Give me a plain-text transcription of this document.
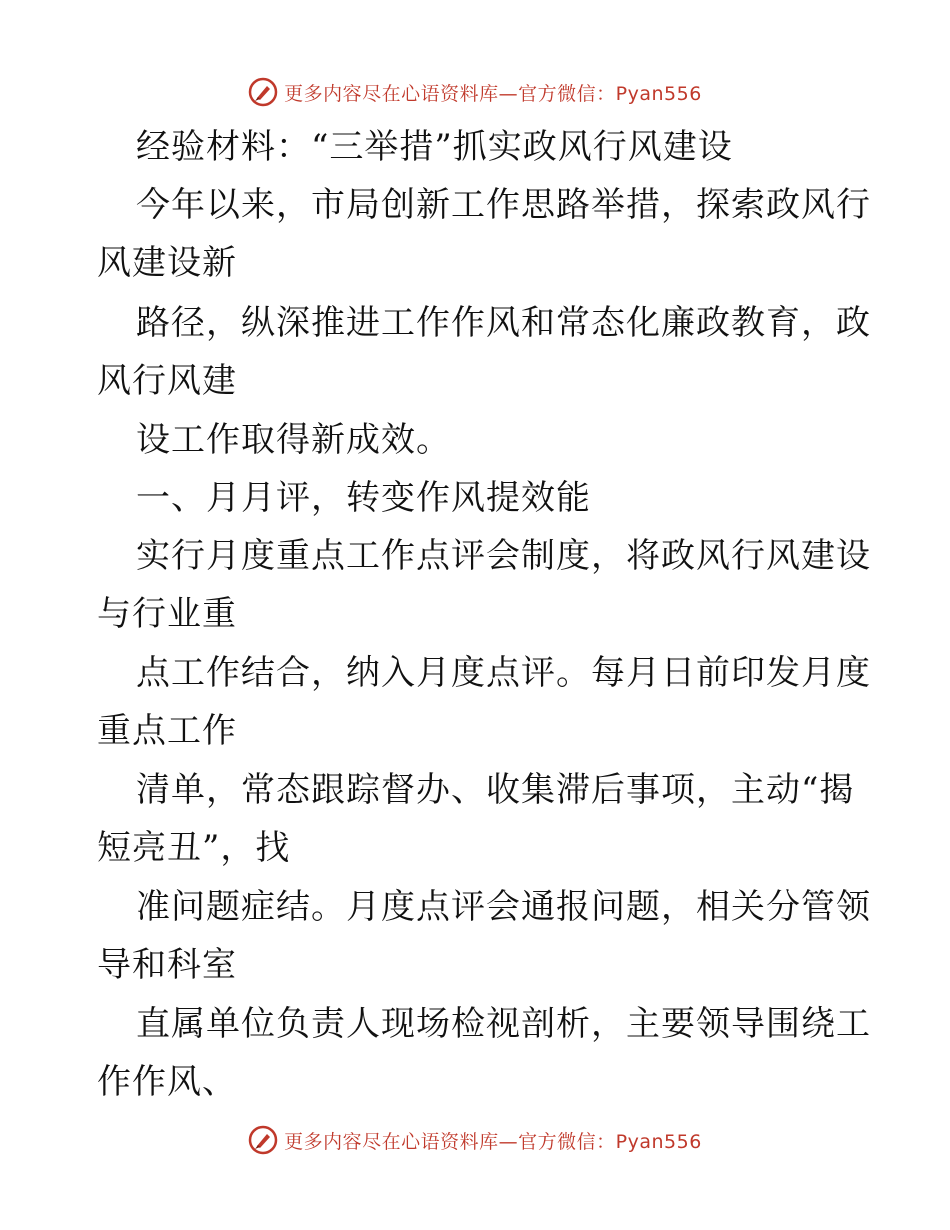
更多内容尽在心语资料库—官方微信：Pyan556
经验材料：“三举措”抓实政风行风建设
今年以来，市局创新工作思路举措，探索政风行
风建设新
路径，纵深推进工作作风和常态化廉政教育，政
风行风建
设工作取得新成效。
一、月月评，转变作风提效能
实行月度重点工作点评会制度，将政风行风建设
与行业重
点工作结合，纳入月度点评。每月日前印发月度
重点工作
清单，常态跟踪督办、收集滞后事项，主动“揭
短亮丑”，找
准问题症结。月度点评会通报问题，相关分管领
导和科室
直属单位负责人现场检视剖析，主要领导围绕工
作作风、
更多内容尽在心语资料库—官方微信：Pyan556
